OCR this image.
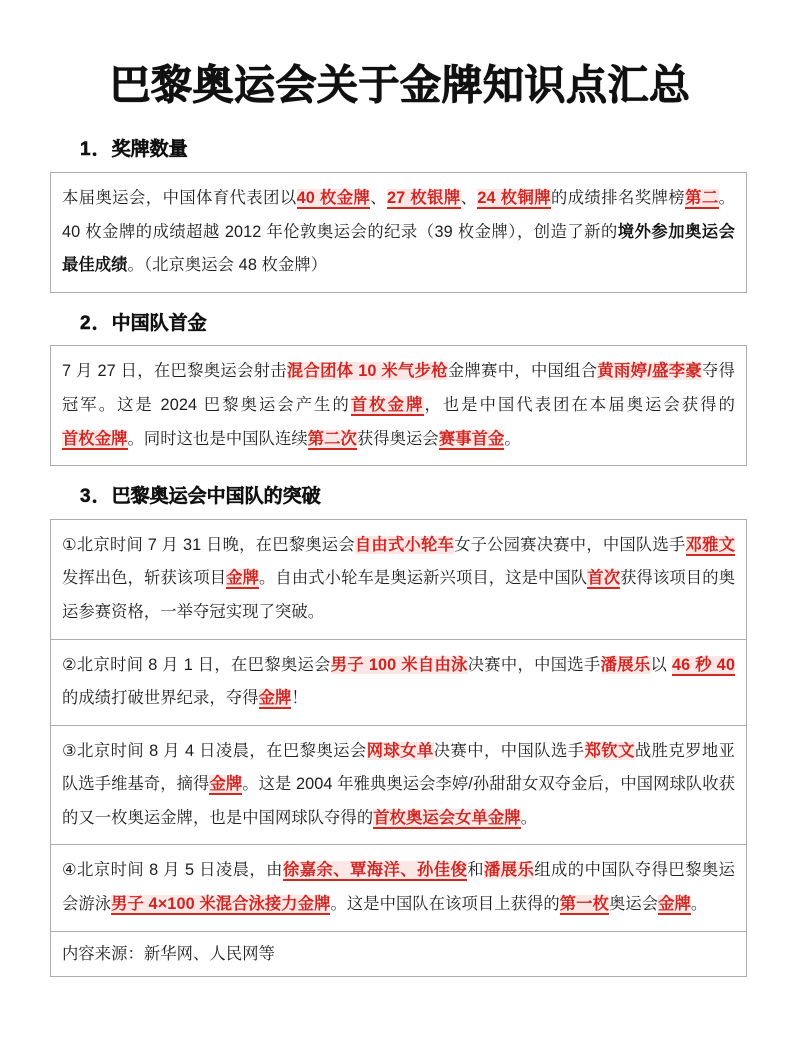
巴黎奥运会关于金牌知识点汇总
1．奖牌数量
本届奥运会，中国体育代表团以40 枚金牌、27 枚银牌、24 枚铜牌的成绩排名奖牌榜第二。40 枚金牌的成绩超越 2012 年伦敦奥运会的纪录（39 枚金牌），创造了新的境外参加奥运会最佳成绩。（北京奥运会 48 枚金牌）
2．中国队首金
7 月 27 日，在巴黎奥运会射击混合团体 10 米气步枪金牌赛中，中国组合黄雨婷/盛李豪夺得冠军。这是 2024 巴黎奥运会产生的首枚金牌，也是中国代表团在本届奥运会获得的首枚金牌。同时这也是中国队连续第二次获得奥运会赛事首金。
3．巴黎奥运会中国队的突破
①北京时间 7 月 31 日晚，在巴黎奥运会自由式小轮车女子公园赛决赛中，中国队选手邓雅文发挥出色，斩获该项目金牌。自由式小轮车是奥运新兴项目，这是中国队首次获得该项目的奥运参赛资格，一举夺冠实现了突破。
②北京时间 8 月 1 日，在巴黎奥运会男子 100 米自由泳决赛中，中国选手潘展乐以 46 秒 40 的成绩打破世界纪录，夺得金牌！
③北京时间 8 月 4 日凌晨，在巴黎奥运会网球女单决赛中，中国队选手郑钦文战胜克罗地亚队选手维基奇，摘得金牌。这是 2004 年雅典奥运会李婷/孙甜甜女双夺金后，中国网球队收获的又一枚奥运金牌，也是中国网球队夺得的首枚奥运会女单金牌。
④北京时间 8 月 5 日凌晨，由徐嘉余、覃海洋、孙佳俊和潘展乐组成的中国队夺得巴黎奥运会游泳男子 4×100 米混合泳接力金牌。这是中国队在该项目上获得的第一枚奥运会金牌。
内容来源：新华网、人民网等
